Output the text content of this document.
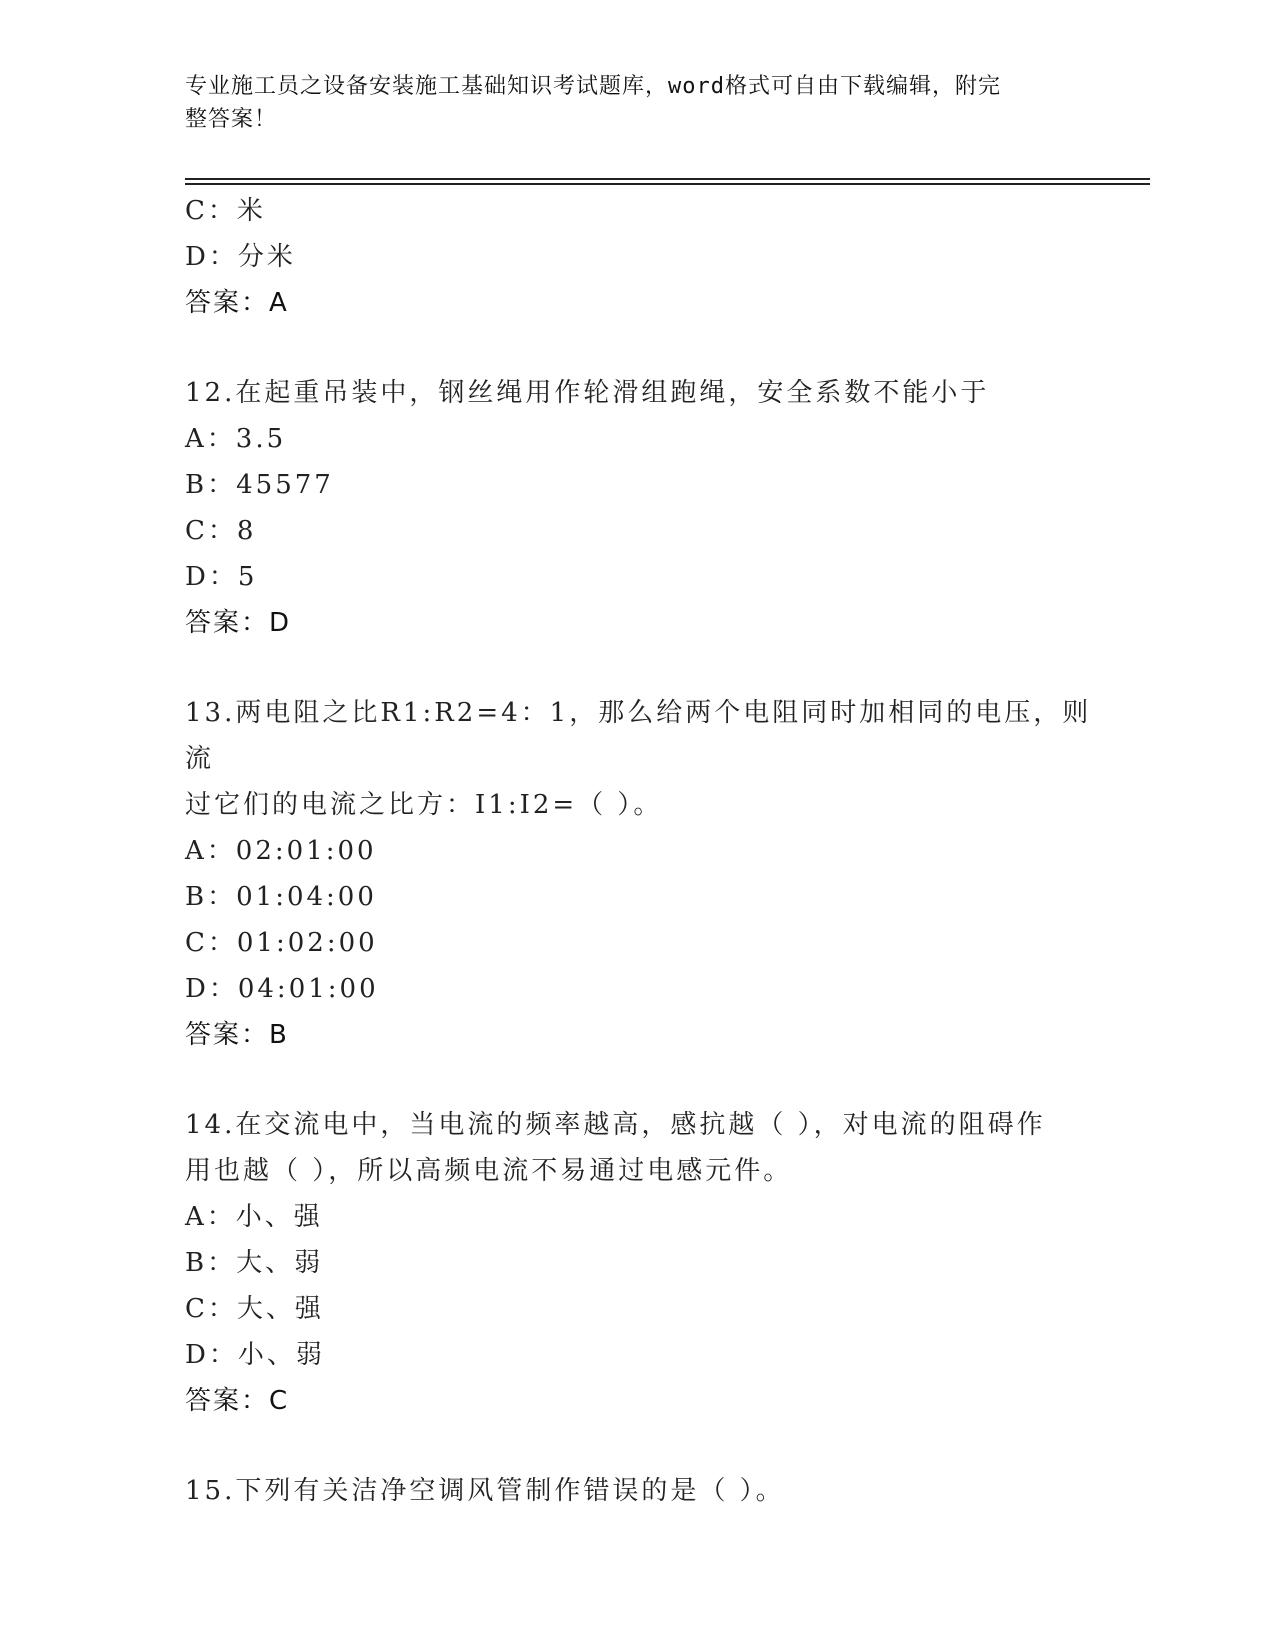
专业施工员之设备安装施工基础知识考试题库，word格式可自由下载编辑，附完
整答案！
C：米
D：分米
答案：A
12.在起重吊装中，钢丝绳用作轮滑组跑绳，安全系数不能小于
A：3.5
B：45577
C：8
D：5
答案：D
13.两电阻之比R1:R2=4：1，那么给两个电阻同时加相同的电压，则流
过它们的电流之比方：I1:I2=（ ）。
A：02:01:00
B：01:04:00
C：01:02:00
D：04:01:00
答案：B
14.在交流电中，当电流的频率越高，感抗越（ ），对电流的阻碍作
用也越（ ），所以高频电流不易通过电感元件。
A：小、强
B：大、弱
C：大、强
D：小、弱
答案：C
15.下列有关洁净空调风管制作错误的是（ ）。
